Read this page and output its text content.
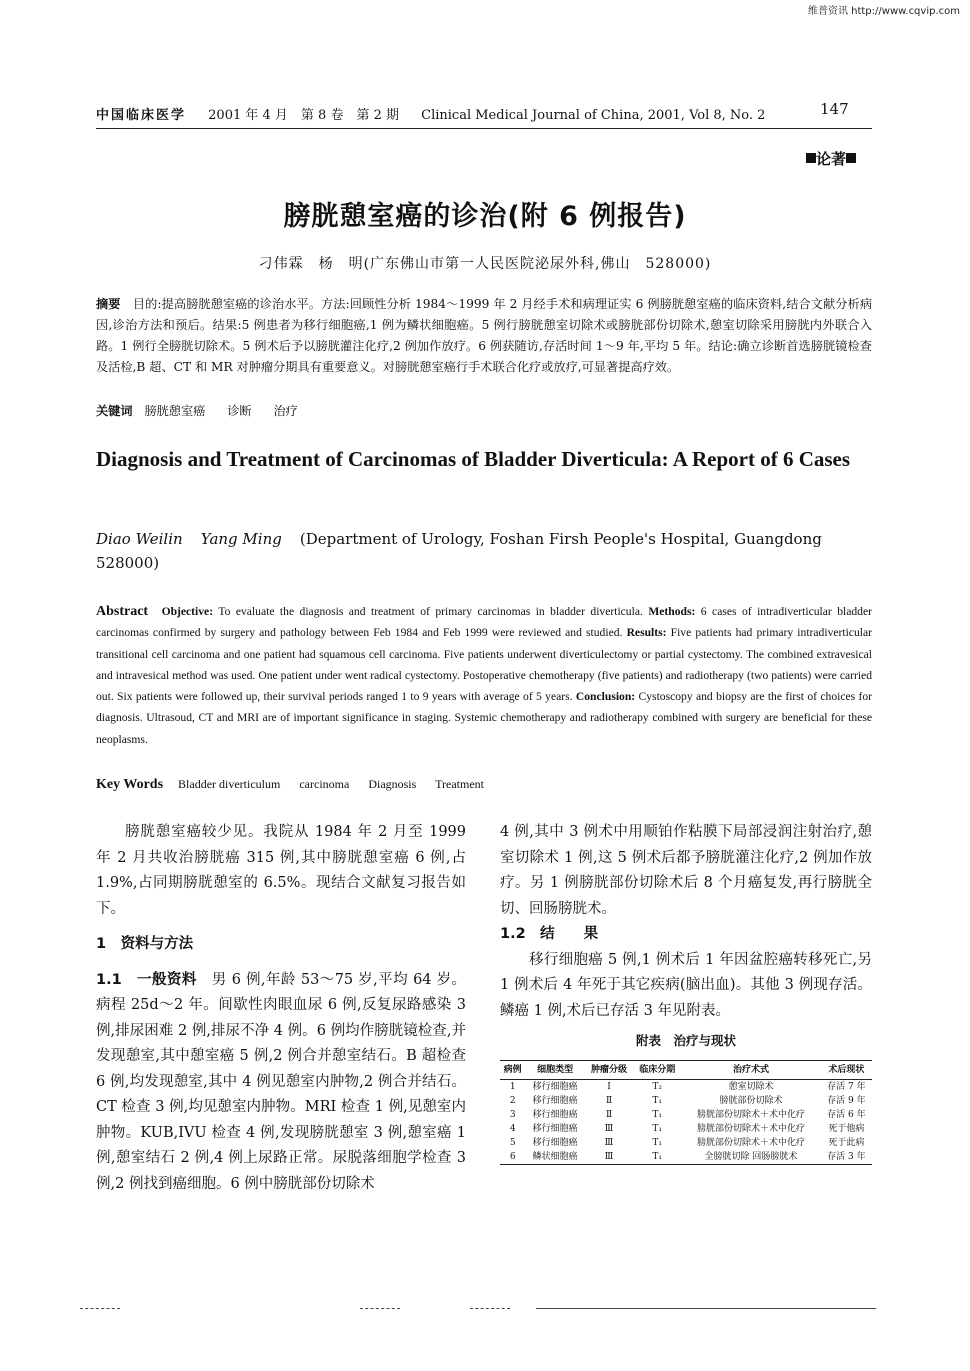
维普资讯 http://www.cqvip.com
中国临床医学 2001 年 4 月　第 8 卷　第 2 期 Clinical Medical Journal of China, 2001, Vol 8, No. 2	147
论著
膀胱憩室癌的诊治(附 6 例报告)
刁伟霖　杨　明(广东佛山市第一人民医院泌尿外科,佛山　528000)
摘要　 目的:提高膀胱憩室癌的诊治水平。方法:回顾性分析 1984～1999 年 2 月经手术和病理证实 6 例膀胱憩室癌的临床资料,结合文献分析病因,诊治方法和预后。结果:5 例患者为移行细胞癌,1 例为鳞状细胞癌。5 例行膀胱憩室切除术或膀胱部份切除术,憩室切除采用膀胱内外联合入路。1 例行全膀胱切除术。5 例术后予以膀胱灌注化疗,2 例加作放疗。6 例获随访,存活时间 1～9 年,平均 5 年。结论:确立诊断首选膀胱镜检查及活检,B 超、CT 和 MR 对肿瘤分期具有重要意义。对膀胱憩室癌行手术联合化疗或放疗,可显著提高疗效。
关键词 膀胱憩室癌 诊断 治疗
Diagnosis and Treatment of Carcinomas of Bladder Diverticula: A Report of 6 Cases
Diao Weilin Yang Ming (Department of Urology, Foshan Firsh People's Hospital, Guangdong 528000)
Abstract Objective: To evaluate the diagnosis and treatment of primary carcinomas in bladder diverticula. Methods: 6 cases of intradiverticular bladder carcinomas confirmed by surgery and pathology between Feb 1984 and Feb 1999 were reviewed and studied. Results: Five patients had primary intradiverticular transitional cell carcinoma and one patient had squamous cell carcinoma. Five patients underwent diverticulectomy or partial cystectomy. The combined extravesical and intravesical method was used. One patient under went radical cystectomy. Postoperative chemotherapy (five patients) and radiotherapy (two patients) were carried out. Six patients were followed up, their survival periods ranged 1 to 9 years with average of 5 years. Conclusion: Cystoscopy and biopsy are the first of choices for diagnosis. Ultrasoud, CT and MRI are of important significance in staging. Systemic chemotherapy and radiotherapy combined with surgery are beneficial for these neoplasms.
Key Words Bladder diverticulum carcinoma Diagnosis Treatment

膀胱憩室癌较少见。我院从 1984 年 2 月至 1999 年 2 月共收治膀胱癌 315 例,其中膀胱憩室癌 6 例,占 1.9%,占同期膀胱憩室的 6.5%。现结合文献复习报告如下。

1　资料与方法

1.1　一般资料　 男 6 例,年龄 53～75 岁,平均 64 岁。病程 25d～2 年。间歇性肉眼血尿 6 例,反复尿路感染 3 例,排尿困难 2 例,排尿不净 4 例。6 例均作膀胱镜检查,并发现憩室,其中憩室癌 5 例,2 例合并憩室结石。B 超检查 6 例,均发现憩室,其中 4 例见憩室内肿物,2 例合并结石。CT 检查 3 例,均见憩室内肿物。MRI 检查 1 例,见憩室内肿物。KUB,IVU 检查 4 例,发现膀胱憩室 3 例,憩室癌 1 例,憩室结石 2 例,4 例上尿路正常。尿脱落细胞学检查 3 例,2 例找到癌细胞。6 例中膀胱部份切除术

4 例,其中 3 例术中用顺铂作粘膜下局部浸润注射治疗,憩室切除术 1 例,这 5 例术后都予膀胱灌注化疗,2 例加作放疗。另 1 例膀胱部份切除术后 8 个月癌复发,再行膀胱全切、回肠膀胱术。

1.2　结　　果

移行细胞癌 5 例,1 例术后 1 年因盆腔癌转移死亡,另 1 例术后 4 年死于其它疾病(脑出血)。其他 3 例现存活。鳞癌 1 例,术后已存活 3 年见附表。

附表　治疗与现状

病例	细胞类型	肿瘤分级	临床分期	治疗术式	术后现状
1	移行细胞癌	Ⅰ	T₂	憩室切除术	存活 7 年
2	移行细胞癌	Ⅱ	T₁	膀胱部份切除术	存活 9 年
3	移行细胞癌	Ⅱ	T₁	膀胱部份切除术＋术中化疗	存活 6 年
4	移行细胞癌	Ⅲ	T₁	膀胱部份切除术＋术中化疗	死于他病
5	移行细胞癌	Ⅲ	T₁	膀胱部份切除术＋术中化疗	死于此病
6	鳞状细胞癌	Ⅲ	T₁	全膀胱切除 回肠膀胱术	存活 3 年
